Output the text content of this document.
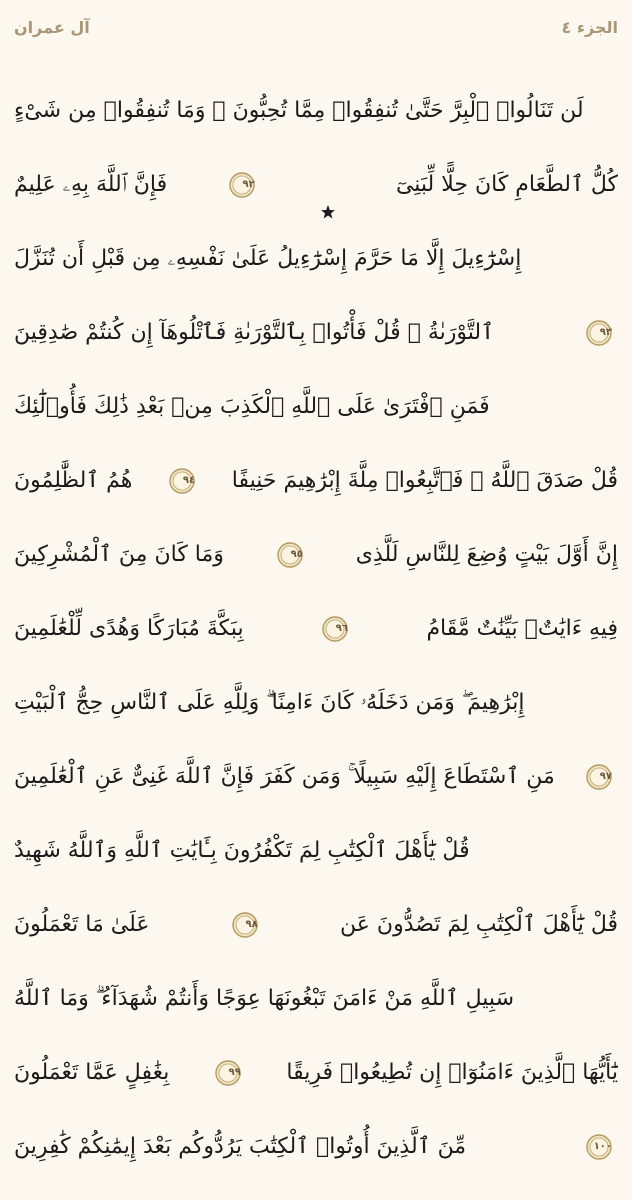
الجزء ٤
آل عمران
لَن تَنَالُوا۟ ٱلْبِرَّ حَتَّىٰ تُنفِقُوا۟ مِمَّا تُحِبُّونَ ۚ وَمَا تُنفِقُوا۟ مِن شَىْءٍ
فَإِنَّ ٱللَّهَ بِهِۦ عَلِيمٌ	٩٢	كُلُّ ٱلطَّعَامِ كَانَ حِلًّا لِّبَنِىٓ
إِسْرَٰٓءِيلَ إِلَّا مَا حَرَّمَ إِسْرَٰٓءِيلُ عَلَىٰ نَفْسِهِۦ مِن قَبْلِ أَن تُنَزَّلَ
ٱلتَّوْرَىٰةُ ۗ قُلْ فَأْتُوا۟ بِٱلتَّوْرَىٰةِ فَٱتْلُوهَآ إِن كُنتُمْ صَٰدِقِينَ	٩٣
فَمَنِ ٱفْتَرَىٰ عَلَى ٱللَّهِ ٱلْكَذِبَ مِنۢ بَعْدِ ذَٰلِكَ فَأُو۟لَٰٓئِكَ
هُمُ ٱلظَّٰلِمُونَ	٩٤ قُلْ صَدَقَ ٱللَّهُ ۗ فَٱتَّبِعُوا۟ مِلَّةَ إِبْرَٰهِيمَ حَنِيفًا
وَمَا كَانَ مِنَ ٱلْمُشْرِكِينَ	٩٥ إِنَّ أَوَّلَ بَيْتٍ وُضِعَ لِلنَّاسِ لَلَّذِى
بِبَكَّةَ مُبَارَكًا وَهُدًى لِّلْعَٰلَمِينَ	٩٦	فِيهِ ءَايَٰتٌۢ بَيِّنَٰتٌ مَّقَامُ
إِبْرَٰهِيمَ ۖ وَمَن دَخَلَهُۥ كَانَ ءَامِنًا ۗ وَلِلَّهِ عَلَى ٱلنَّاسِ حِجُّ ٱلْبَيْتِ
مَنِ ٱسْتَطَاعَ إِلَيْهِ سَبِيلًا ۚ وَمَن كَفَرَ فَإِنَّ ٱللَّهَ غَنِىٌّ عَنِ ٱلْعَٰلَمِينَ	٩٧
قُلْ يَٰٓأَهْلَ ٱلْكِتَٰبِ لِمَ تَكْفُرُونَ بِـَٔايَٰتِ ٱللَّهِ وَٱللَّهُ شَهِيدٌ
عَلَىٰ مَا تَعْمَلُونَ	٩٨	قُلْ يَٰٓأَهْلَ ٱلْكِتَٰبِ لِمَ تَصُدُّونَ عَن
سَبِيلِ ٱللَّهِ مَنْ ءَامَنَ تَبْغُونَهَا عِوَجًا وَأَنتُمْ شُهَدَآءُ ۗ وَمَا ٱللَّهُ
بِغَٰفِلٍ عَمَّا تَعْمَلُونَ	٩٩ يَٰٓأَيُّهَا ٱلَّذِينَ ءَامَنُوٓا۟ إِن تُطِيعُوا۟ فَرِيقًا
مِّنَ ٱلَّذِينَ أُوتُوا۟ ٱلْكِتَٰبَ يَرُدُّوكُم بَعْدَ إِيمَٰنِكُمْ كَٰفِرِينَ	١٠٠
